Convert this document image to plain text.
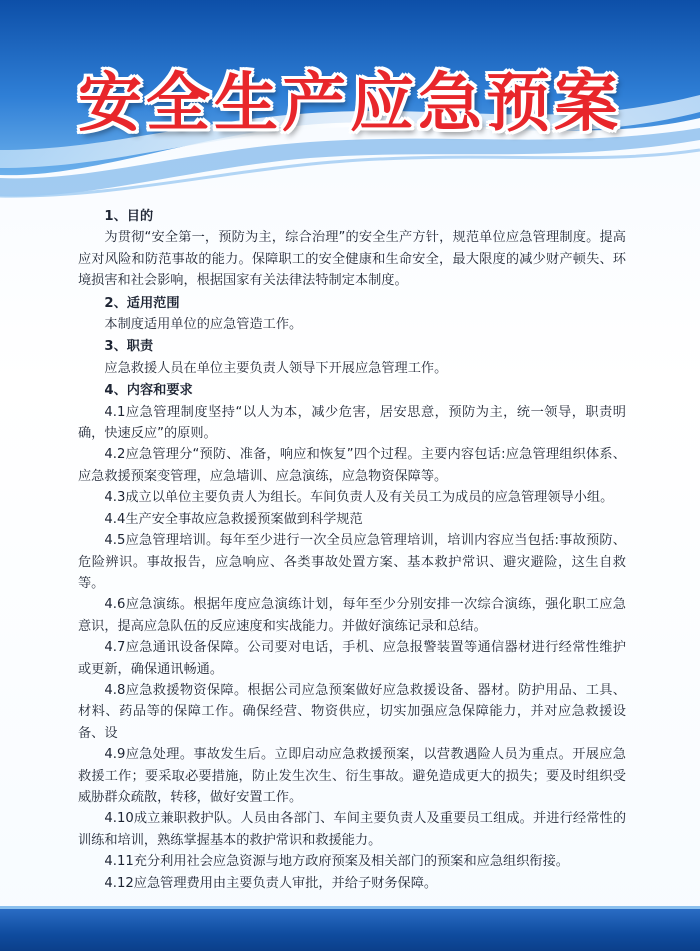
安全生产应急预案
1、目的
为贯彻“安全第一，预防为主，综合治理”的安全生产方针，规范单位应急管理制度。提高应对风险和防范事故的能力。保障职工的安全健康和生命安全，最大限度的减少财产顿失、环境损害和社会影响，根据国家有关法律法特制定本制度。
2、适用范围
本制度适用单位的应急管造工作。
3、职责
应急救援人员在单位主要负责人领导下开展应急管理工作。
4、内容和要求
4.1应急管理制度坚持“以人为本，减少危害，居安思意，预防为主，统一领导，职责明确，快速反应”的原则。
4.2应急管理分“预防、准备，响应和恢复”四个过程。主要内容包话:应急管理组织体系、应急救援预案变管理，应急墙训、应急演练，应急物资保障等。
4.3成立以单位主要负责人为组长。车间负责人及有关员工为成员的应急管理领导小组。
4.4生产安全事故应急救援预案做到科学规范
4.5应急管理培训。每年至少进行一次全员应急管理培训，培训内容应当包括:事故预防、危险辨识。事故报告，应急响应、各类事故处置方案、基本救护常识、避灾避险，这生自救等。
4.6应急演练。根据年度应急演练计划，每年至少分别安排一次综合演练，强化职工应急意识，提高应急队伍的反应速度和实战能力。并做好演练记录和总结。
4.7应急通讯设备保障。公司要对电话，手机、应急报警装置等通信器材进行经常性维护或更新，确保通讯畅通。
4.8应急救援物资保障。根据公司应急预案做好应急救援设备、器材。防护用品、工具、材料、药品等的保障工作。确保经营、物资供应，切实加强应急保障能力，并对应急救援设备、设
4.9应急处理。事故发生后。立即启动应急救援预案，以营教遇险人员为重点。开展应急救援工作；要采取必要措施，防止发生次生、衍生事故。避免造成更大的损失；要及时组织受威胁群众疏散，转移，做好安置工作。
4.10成立兼职救护队。人员由各部门、车间主要负责人及重要员工组成。并进行经常性的训练和培训，熟练掌握基本的救护常识和救援能力。
4.11充分利用社会应急资源与地方政府预案及相关部门的预案和应急组织衔接。
4.12应急管理费用由主要负责人审批，并给子财务保障。
